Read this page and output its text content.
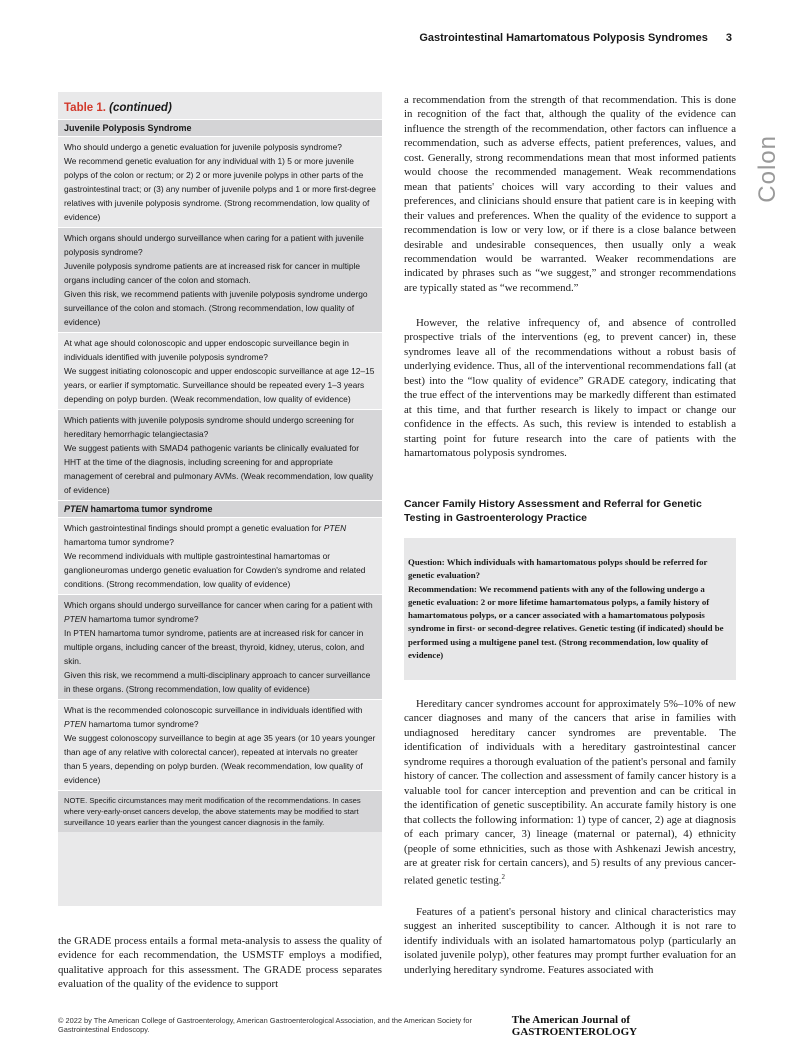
Gastrointestinal Hamartomatous Polyposis Syndromes 3
Colon
Table 1. (continued)
Juvenile Polyposis Syndrome
Who should undergo a genetic evaluation for juvenile polyposis syndrome?
We recommend genetic evaluation for any individual with 1) 5 or more juvenile polyps of the colon or rectum; or 2) 2 or more juvenile polyps in other parts of the gastrointestinal tract; or (3) any number of juvenile polyps and 1 or more first-degree relatives with juvenile polyposis syndrome. (Strong recommendation, low quality of evidence)
Which organs should undergo surveillance when caring for a patient with juvenile polyposis syndrome?
Juvenile polyposis syndrome patients are at increased risk for cancer in multiple organs including cancer of the colon and stomach.
Given this risk, we recommend patients with juvenile polyposis syndrome undergo surveillance of the colon and stomach. (Strong recommendation, low quality of evidence)
At what age should colonoscopic and upper endoscopic surveillance begin in individuals identified with juvenile polyposis syndrome?
We suggest initiating colonoscopic and upper endoscopic surveillance at age 12–15 years, or earlier if symptomatic. Surveillance should be repeated every 1–3 years depending on polyp burden. (Weak recommendation, low quality of evidence)
Which patients with juvenile polyposis syndrome should undergo screening for hereditary hemorrhagic telangiectasia?
We suggest patients with SMAD4 pathogenic variants be clinically evaluated for HHT at the time of the diagnosis, including screening for and appropriate management of cerebral and pulmonary AVMs. (Weak recommendation, low quality of evidence)
PTEN hamartoma tumor syndrome
Which gastrointestinal findings should prompt a genetic evaluation for PTEN hamartoma tumor syndrome?
We recommend individuals with multiple gastrointestinal hamartomas or ganglioneuromas undergo genetic evaluation for Cowden's syndrome and related conditions. (Strong recommendation, low quality of evidence)
Which organs should undergo surveillance for cancer when caring for a patient with PTEN hamartoma tumor syndrome?
In PTEN hamartoma tumor syndrome, patients are at increased risk for cancer in multiple organs, including cancer of the breast, thyroid, kidney, uterus, colon, and skin.
Given this risk, we recommend a multi-disciplinary approach to cancer surveillance in these organs. (Strong recommendation, low quality of evidence)
What is the recommended colonoscopic surveillance in individuals identified with PTEN hamartoma tumor syndrome?
We suggest colonoscopy surveillance to begin at age 35 years (or 10 years younger than age of any relative with colorectal cancer), repeated at intervals no greater than 5 years, depending on polyp burden. (Weak recommendation, low quality of evidence)
NOTE. Specific circumstances may merit modification of the recommendations. In cases where very-early-onset cancers develop, the above statements may be modified to start surveillance 10 years earlier than the youngest cancer diagnosis in the family.

the GRADE process entails a formal meta-analysis to assess the quality of evidence for each recommendation, the USMSTF employs a modified, qualitative approach for this assessment. The GRADE process separates evaluation of the quality of the evidence to support

a recommendation from the strength of that recommendation. This is done in recognition of the fact that, although the quality of the evidence can influence the strength of the recommendation, other factors can influence a recommendation, such as adverse effects, patient preferences, values, and cost. Generally, strong recommendations mean that most informed patients would choose the recommended management. Weak recommendations mean that patients' choices will vary according to their values and preferences, and clinicians should ensure that patient care is in keeping with their values and preferences. When the quality of the evidence to support a recommendation is low or very low, or if there is a close balance between desirable and undesirable consequences, then usually only a weak recommendation would be warranted. Weaker recommendations are indicated by phrases such as “we suggest,” and stronger recommendations are typically stated as “we recommend.”

However, the relative infrequency of, and absence of controlled prospective trials of the interventions (eg, to prevent cancer) in, these syndromes leave all of the recommendations without a robust basis of underlying evidence. Thus, all of the interventional recommendations fall (at best) into the “low quality of evidence” GRADE category, indicating that the true effect of the interventions may be markedly different than estimated at this time, and that further research is likely to impact or change our confidence in the effects. As such, this review is intended to establish a starting point for future research into the care of patients with the hamartomatous polyposis syndromes.

Cancer Family History Assessment and Referral for Genetic Testing in Gastroenterology Practice
Question: Which individuals with hamartomatous polyps should be referred for genetic evaluation?
Recommendation: We recommend patients with any of the following undergo a genetic evaluation: 2 or more lifetime hamartomatous polyps, a family history of hamartomatous polyps, or a cancer associated with a hamartomatous polyposis syndrome in first- or second-degree relatives. Genetic testing (if indicated) should be performed using a multigene panel test. (Strong recommendation, low quality of evidence)

Hereditary cancer syndromes account for approximately 5%–10% of new cancer diagnoses and many of the cancers that arise in families with undiagnosed hereditary cancer syndromes are preventable. The identification of individuals with a hereditary gastrointestinal cancer syndrome requires a thorough evaluation of the patient's personal and family history of cancer. The collection and assessment of family cancer history is a valuable tool for cancer interception and prevention and can be critical in the identification of genetic susceptibility. An accurate family history is one that collects the following information: 1) type of cancer, 2) age at diagnosis of each primary cancer, 3) lineage (maternal or paternal), 4) ethnicity (people of some ethnicities, such as those with Ashkenazi Jewish ancestry, are at greater risk for certain cancers), and 5) results of any previous cancer-related genetic testing.$^2$

Features of a patient's personal history and clinical characteristics may suggest an inherited susceptibility to cancer. Although it is not rare to identify individuals with an isolated hamartomatous polyp (particularly an isolated juvenile polyp), other features may prompt further evaluation for an underlying hereditary syndrome. Features associated with

© 2022 by The American College of Gastroenterology, American Gastroenterological Association, and the American Society for Gastrointestinal Endoscopy.
The American Journal of GASTROENTEROLOGY
